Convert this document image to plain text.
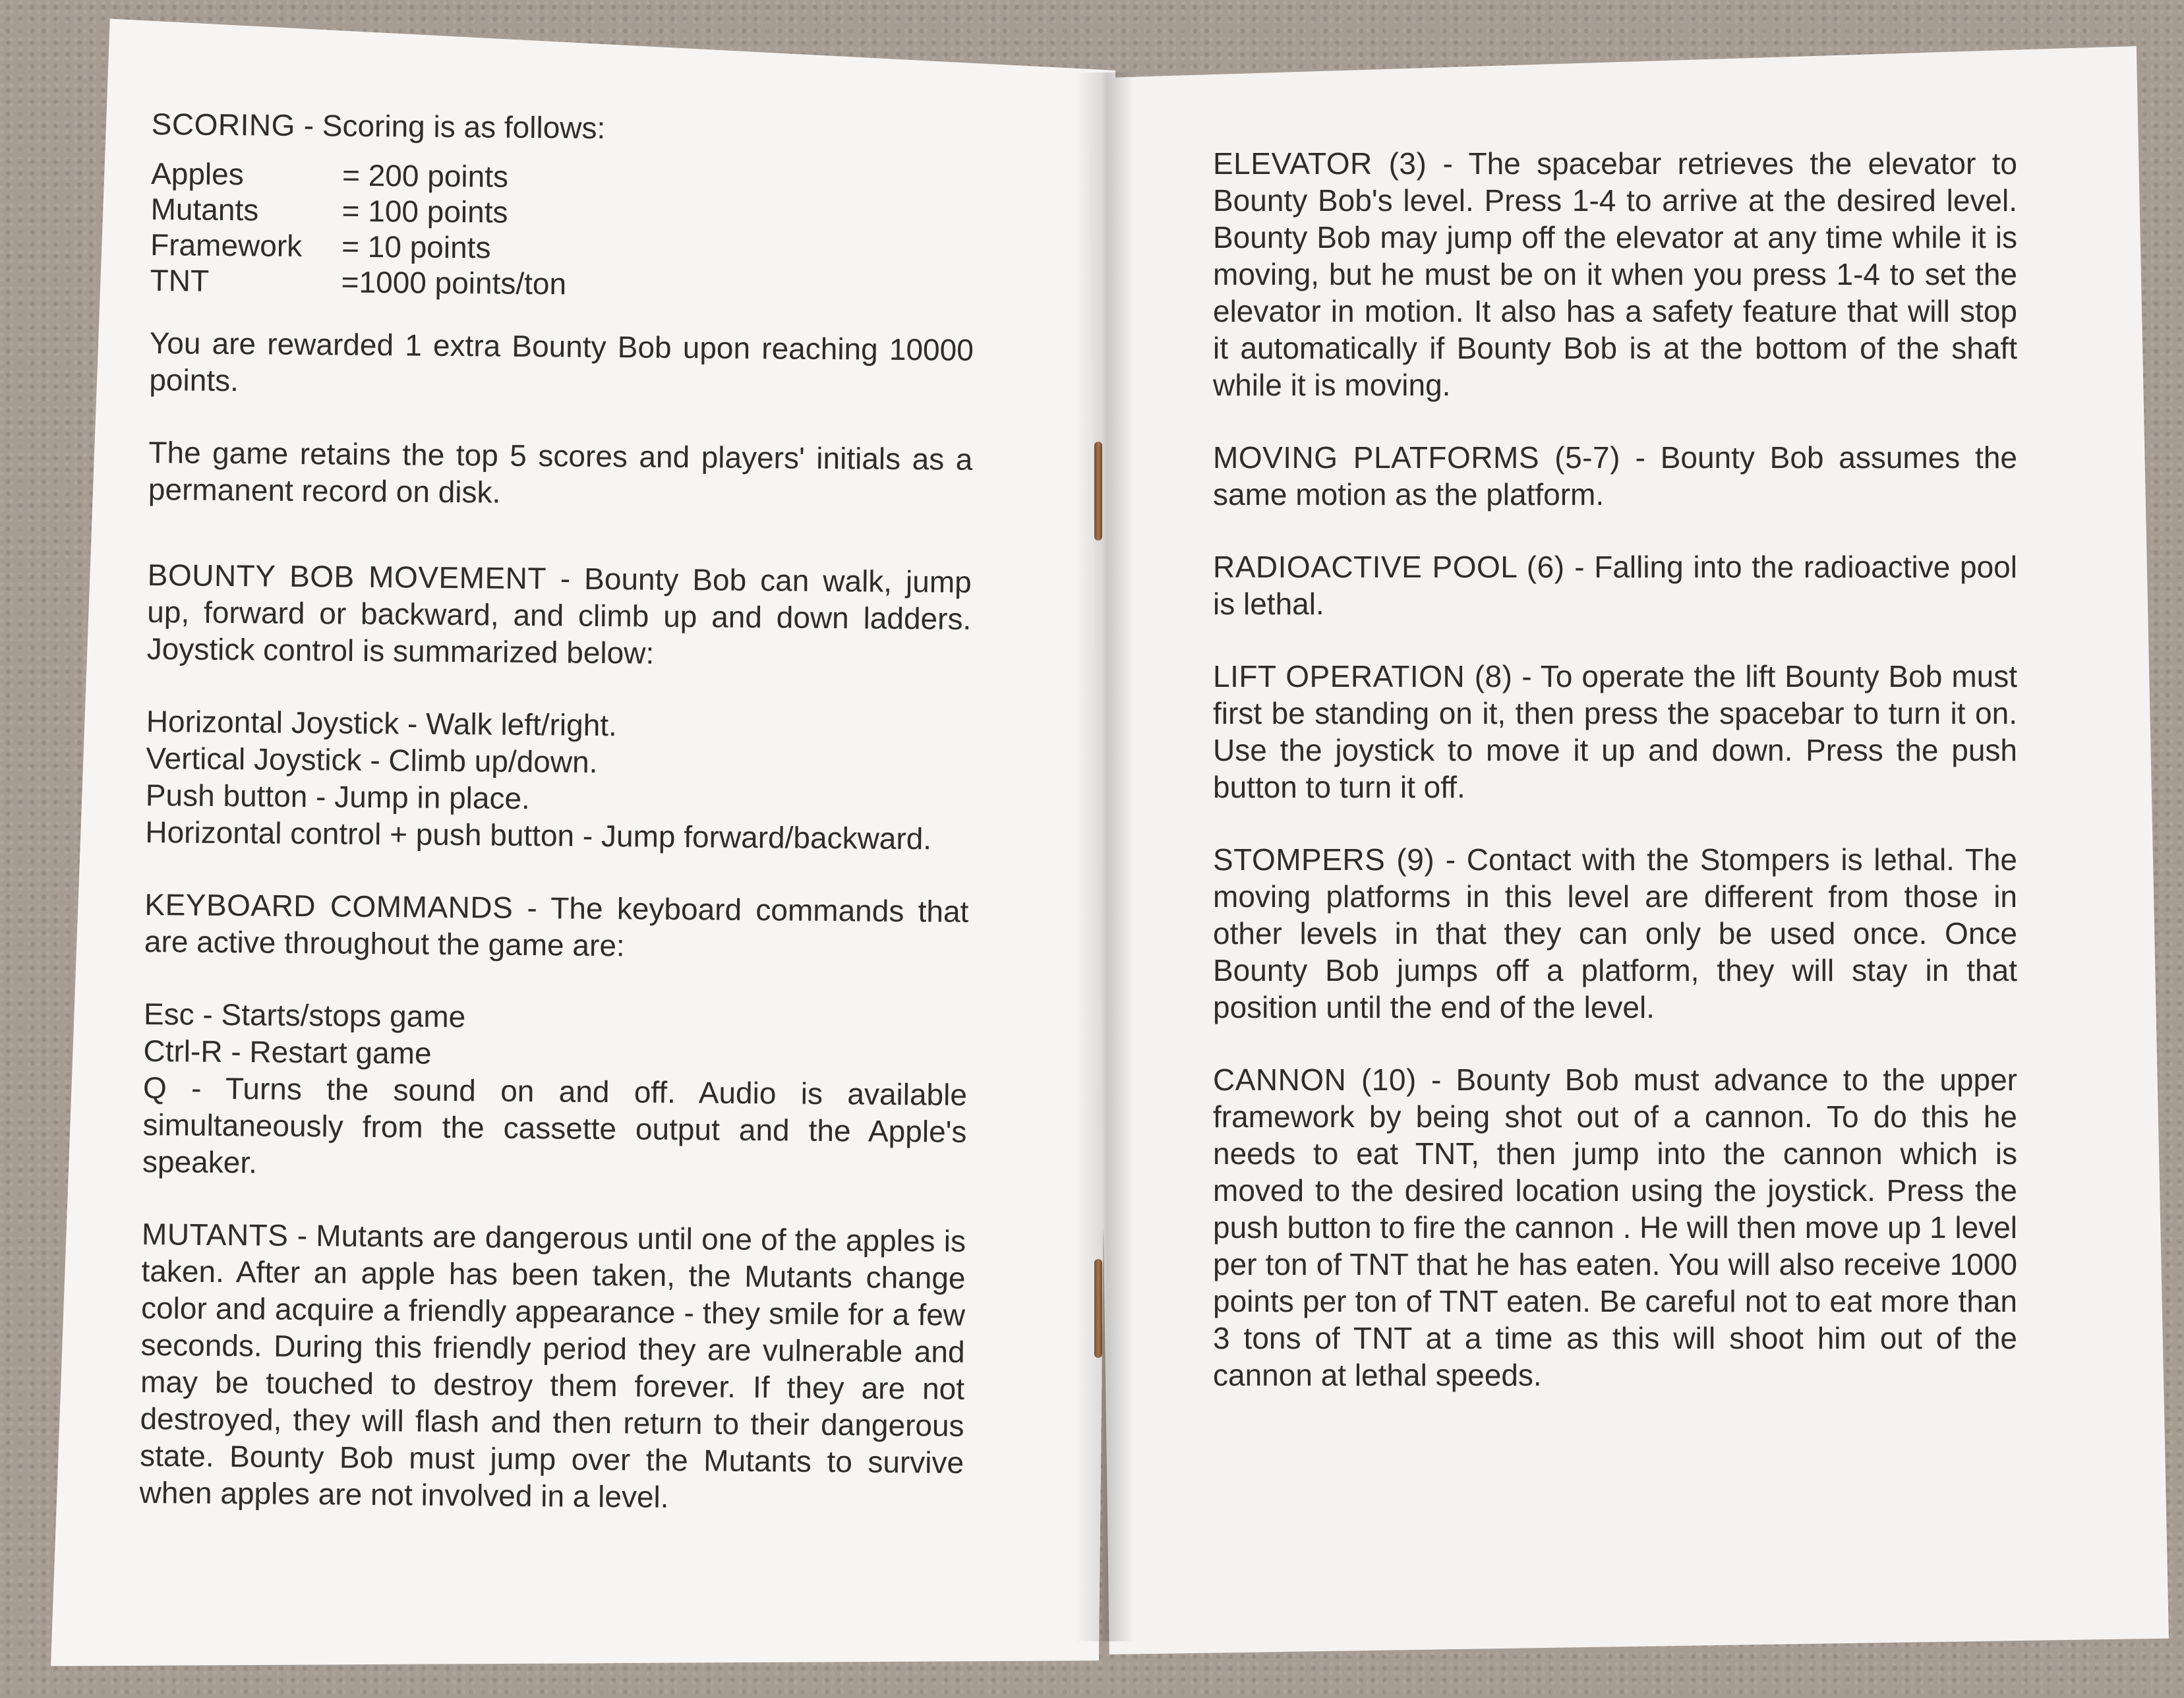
SCORING - Scoring is as follows:

Apples	= 200 points
Mutants	= 100 points
Framework	= 10 points
TNT	=1000 points/ton

You are rewarded 1 extra Bounty Bob upon reaching 10000 points.

The game retains the top 5 scores and players' initials as a permanent record on disk.

BOUNTY BOB MOVEMENT - Bounty Bob can walk, jump up, forward or backward, and climb up and down ladders. Joystick control is summarized below:

Horizontal Joystick - Walk left/right.
Vertical Joystick - Climb up/down.
Push button - Jump in place.
Horizontal control + push button - Jump forward/backward.

KEYBOARD COMMANDS - The keyboard commands that are active throughout the game are:

Esc - Starts/stops game
Ctrl-R - Restart game
Q - Turns the sound on and off. Audio is available simultaneously from the cassette output and the Apple's speaker.

MUTANTS - Mutants are dangerous until one of the apples is taken. After an apple has been taken, the Mutants change color and acquire a friendly appearance - they smile for a few seconds. During this friendly period they are vulnerable and may be touched to destroy them forever. If they are not destroyed, they will flash and then return to their dangerous state. Bounty Bob must jump over the Mutants to survive when apples are not involved in a level.

ELEVATOR (3) - The spacebar retrieves the elevator to Bounty Bob's level. Press 1-4 to arrive at the desired level. Bounty Bob may jump off the elevator at any time while it is moving, but he must be on it when you press 1-4 to set the elevator in motion. It also has a safety feature that will stop it automatically if Bounty Bob is at the bottom of the shaft while it is moving.

MOVING PLATFORMS (5-7) - Bounty Bob assumes the same motion as the platform.

RADIOACTIVE POOL (6) - Falling into the radioactive pool is lethal.

LIFT OPERATION (8) - To operate the lift Bounty Bob must first be standing on it, then press the spacebar to turn it on. Use the joystick to move it up and down. Press the push button to turn it off.

STOMPERS (9) - Contact with the Stompers is lethal. The moving platforms in this level are different from those in other levels in that they can only be used once. Once Bounty Bob jumps off a platform, they will stay in that position until the end of the level.

CANNON (10) - Bounty Bob must advance to the upper framework by being shot out of a cannon. To do this he needs to eat TNT, then jump into the cannon which is moved to the desired location using the joystick. Press the push button to fire the cannon . He will then move up 1 level per ton of TNT that he has eaten. You will also receive 1000 points per ton of TNT eaten. Be careful not to eat more than 3 tons of TNT at a time as this will shoot him out of the cannon at lethal speeds.
